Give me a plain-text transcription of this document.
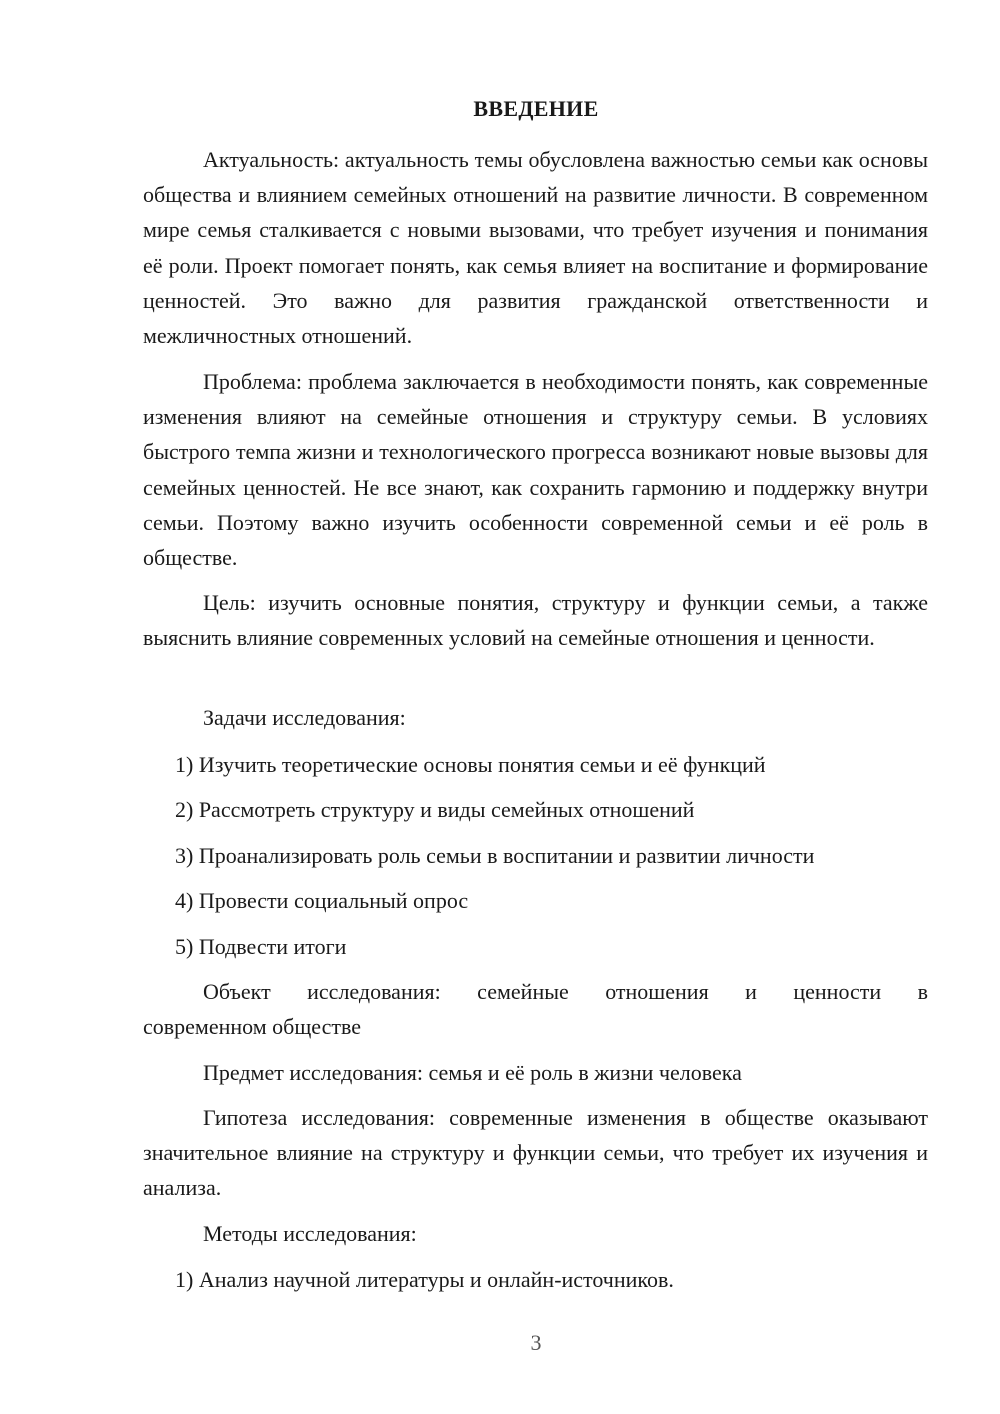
ВВЕДЕНИЕ

Актуальность: актуальность темы обусловлена важностью семьи как основы общества и влиянием семейных отношений на развитие личности. В современном мире семья сталкивается с новыми вызовами, что требует изучения и понимания её роли. Проект помогает понять, как семья влияет на воспитание и формирование ценностей. Это важно для развития гражданской ответственности и межличностных отношений.

Проблема: проблема заключается в необходимости понять, как современные изменения влияют на семейные отношения и структуру семьи. В условиях быстрого темпа жизни и технологического прогресса возникают новые вызовы для семейных ценностей. Не все знают, как сохранить гармонию и поддержку внутри семьи. Поэтому важно изучить особенности современной семьи и её роль в обществе.

Цель: изучить основные понятия, структуру и функции семьи, а также выяснить влияние современных условий на семейные отношения и ценности.

Задачи исследования:

1) Изучить теоретические основы понятия семьи и её функций

2) Рассмотреть структуру и виды семейных отношений

3) Проанализировать роль семьи в воспитании и развитии личности

4) Провести социальный опрос

5) Подвести итоги

Объект исследования: семейные отношения и ценности в

современном обществе

Предмет исследования: семья и её роль в жизни человека

Гипотеза исследования: современные изменения в обществе оказывают значительное влияние на структуру и функции семьи, что требует их изучения и анализа.

Методы исследования:

1) Анализ научной литературы и онлайн-источников.

3
